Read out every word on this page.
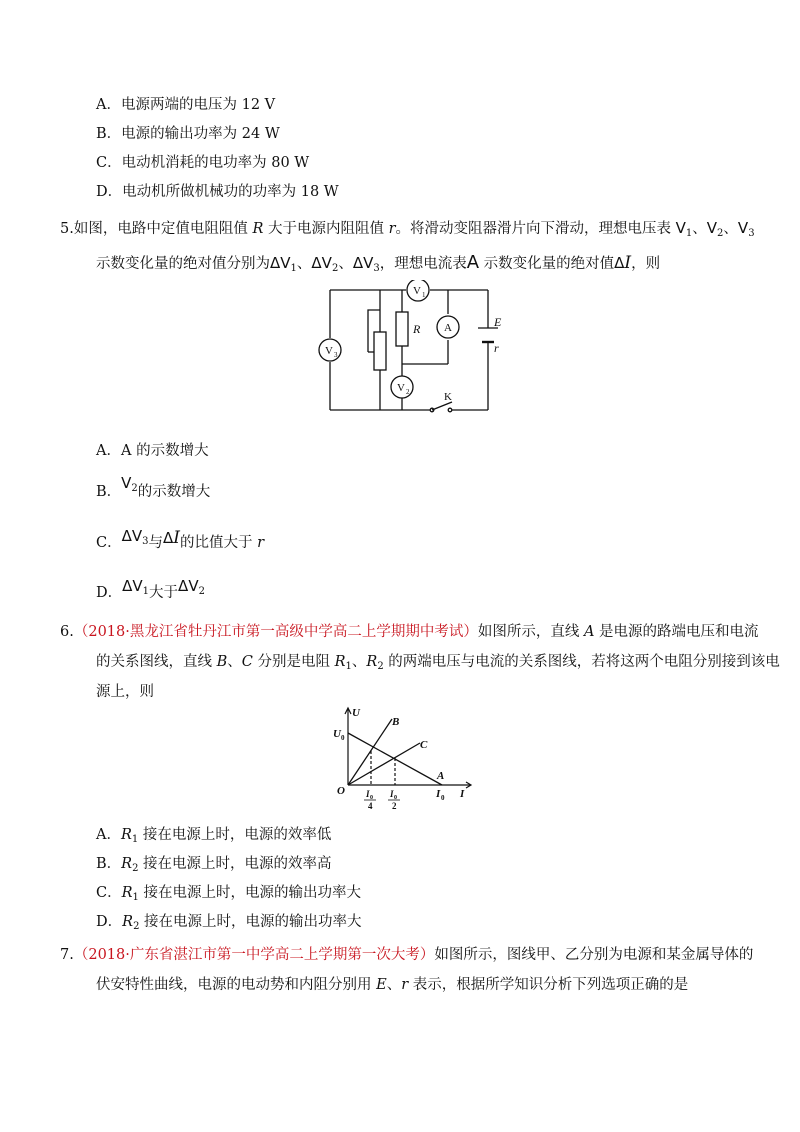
A．电源两端的电压为 12 V
B．电源的输出功率为 24 W
C．电动机消耗的电功率为 80 W
D．电动机所做机械功的功率为 18 W
5.如图，电路中定值电阻阻值 R 大于电源内阻阻值 r。将滑动变阻器滑片向下滑动，理想电压表 $V_1$、$V_2$、$V_3$
示数变化量的绝对值分别为$\Delta V_1$、$\Delta V_2$、$\Delta V_3$，理想电流表A 示数变化量的绝对值ΔI，则
V 1
V 3
V 2
A
R	E
r
K
A．A 的示数增大
B．$V_2$的示数增大
C．$\Delta V_3$与ΔI的比值大于 r
D．$\Delta V_1$大于$\Delta V_2$
6.（2018·黑龙江省牡丹江市第一高级中学高二上学期期中考试）如图所示，直线 A 是电源的路端电压和电流
的关系图线，直线 B、C 分别是电阻 $R_1$、$R_2$ 的两端电压与电流的关系图线，若将这两个电阻分别接到该电
源上，则
U
U 0
B
C
A
O	I 0 I
I 0
4
I 0
2
A．$R_1$ 接在电源上时，电源的效率低
B．$R_2$ 接在电源上时，电源的效率高
C．$R_1$ 接在电源上时，电源的输出功率大
D．$R_2$ 接在电源上时，电源的输出功率大
7.（2018·广东省湛江市第一中学高二上学期第一次大考）如图所示，图线甲、乙分别为电源和某金属导体的
伏安特性曲线，电源的电动势和内阻分别用 E、r 表示，根据所学知识分析下列选项正确的是
